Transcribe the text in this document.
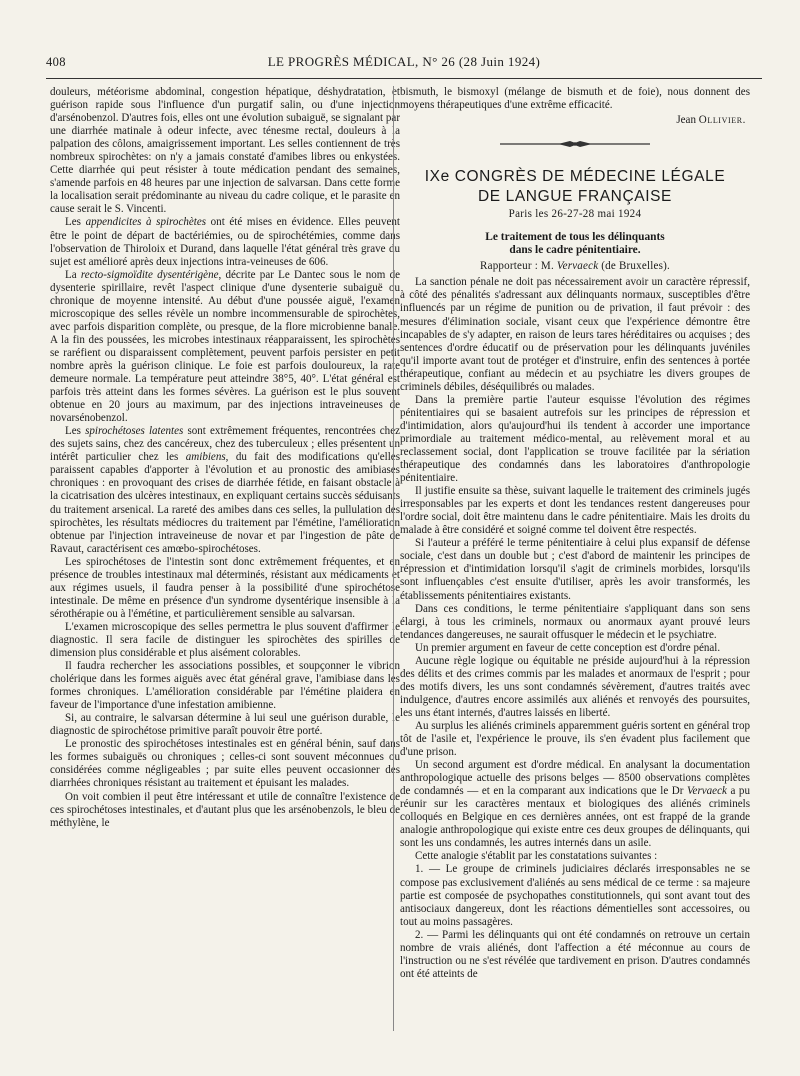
408	LE PROGRÈS MÉDICAL, N° 26 (28 Juin 1924)

douleurs, météorisme abdominal, congestion hépatique, déshydratation, et guérison rapide sous l'influence d'un purgatif salin, ou d'une injection d'arsénobenzol. D'autres fois, elles ont une évolution subaiguë, se signalant par une diarrhée matinale à odeur infecte, avec ténesme rectal, douleurs à la palpation des côlons, amaigrissement important. Les selles contiennent de très nombreux spirochètes: on n'y a jamais constaté d'amibes libres ou enkystées. Cette diarrhée qui peut résister à toute médication pendant des semaines, s'amende parfois en 48 heures par une injection de salvarsan. Dans cette forme la localisation serait prédominante au niveau du cadre colique, et le parasite en cause serait le S. Vincenti.

Les appendicites à spirochètes ont été mises en évidence. Elles peuvent être le point de départ de bactériémies, ou de spirochétémies, comme dans l'observation de Thiroloix et Durand, dans laquelle l'état général très grave du sujet est amélioré après deux injections intra-veineuses de 606.

La recto-sigmoïdite dysentérigène, décrite par Le Dantec sous le nom de dysenterie spirillaire, revêt l'aspect clinique d'une dysenterie subaiguë ou chronique de moyenne intensité. Au début d'une poussée aiguë, l'examen microscopique des selles révèle un nombre incommensurable de spirochètes, avec parfois disparition complète, ou presque, de la flore microbienne banale. A la fin des poussées, les microbes intestinaux réapparaissent, les spirochètes se raréfient ou disparaissent complètement, peuvent parfois persister en petit nombre après la guérison clinique. Le foie est parfois douloureux, la rate demeure normale. La température peut atteindre 38°5, 40°. L'état général est parfois très atteint dans les formes sévères. La guérison est le plus souvent obtenue en 20 jours au maximum, par des injections intraveineuses de novarsénobenzol.

Les spirochétoses latentes sont extrêmement fréquentes, rencontrées chez des sujets sains, chez des cancéreux, chez des tuberculeux ; elles présentent un intérêt particulier chez les amibiens, du fait des modifications qu'elles paraissent capables d'apporter à l'évolution et au pronostic des amibiases chroniques : en provoquant des crises de diarrhée fétide, en faisant obstacle à la cicatrisation des ulcères intestinaux, en expliquant certains succès séduisants du traitement arsenical. La rareté des amibes dans ces selles, la pullulation des spirochètes, les résultats médiocres du traitement par l'émétine, l'amélioration obtenue par l'injection intraveineuse de novar et par l'ingestion de pâte de Ravaut, caractérisent ces amœbo-spirochétoses.

Les spirochétoses de l'intestin sont donc extrêmement fréquentes, et en présence de troubles intestinaux mal déterminés, résistant aux médicaments et aux régimes usuels, il faudra penser à la possibilité d'une spirochétose intestinale. De même en présence d'un syndrome dysentérique insensible à la sérothérapie ou à l'émétine, et particulièrement sensible au salvarsan.

L'examen microscopique des selles permettra le plus souvent d'affirmer le diagnostic. Il sera facile de distinguer les spirochètes des spirilles de dimension plus considérable et plus aisément colorables.

Il faudra rechercher les associations possibles, et soupçonner le vibrion cholérique dans les formes aiguës avec état général grave, l'amibiase dans les formes chroniques. L'amélioration considérable par l'émétine plaidera en faveur de l'importance d'une infestation amibienne.

Si, au contraire, le salvarsan détermine à lui seul une guérison durable, le diagnostic de spirochétose primitive paraît pouvoir être porté.

Le pronostic des spirochétoses intestinales est en général bénin, sauf dans les formes subaiguës ou chroniques ; celles-ci sont souvent méconnues ou considérées comme négligeables ; par suite elles peuvent occasionner des diarrhées chroniques résistant au traitement et épuisant les malades.

On voit combien il peut être intéressant et utile de connaître l'existence de ces spirochétoses intestinales, et d'autant plus que les arsénobenzols, le bleu de méthylène, le

bismuth, le bismoxyl (mélange de bismuth et de foie), nous donnent des moyens thérapeutiques d'une extrême efficacité.

Jean Ollivier.
IXe CONGRÈS DE MÉDECINE LÉGALE
DE LANGUE FRANÇAISE
Paris les 26-27-28 mai 1924
Le traitement de tous les délinquants
dans le cadre pénitentiaire.
Rapporteur : M. Vervaeck (de Bruxelles).

La sanction pénale ne doit pas nécessairement avoir un caractère répressif, à côté des pénalités s'adressant aux délinquants normaux, susceptibles d'être influencés par un régime de punition ou de privation, il faut prévoir : des mesures d'élimination sociale, visant ceux que l'expérience démontre être incapables de s'y adapter, en raison de leurs tares héréditaires ou acquises ; des sentences d'ordre éducatif ou de préservation pour les délinquants juvéniles qu'il importe avant tout de protéger et d'instruire, enfin des sentences à portée thérapeutique, confiant au médecin et au psychiatre les divers groupes de criminels débiles, déséquilibrés ou malades.

Dans la première partie l'auteur esquisse l'évolution des régimes pénitentiaires qui se basaient autrefois sur les principes de répression et d'intimidation, alors qu'aujourd'hui ils tendent à accorder une importance primordiale au traitement médico-mental, au relèvement moral et au reclassement social, dont l'application se trouve facilitée par la sériation thérapeutique des condamnés dans les laboratoires d'anthropologie pénitentiaire.

Il justifie ensuite sa thèse, suivant laquelle le traitement des criminels jugés irresponsables par les experts et dont les tendances restent dangereuses pour l'ordre social, doit être maintenu dans le cadre pénitentiaire. Mais les droits du malade à être considéré et soigné comme tel doivent être respectés.

Si l'auteur a préféré le terme pénitentiaire à celui plus expansif de défense sociale, c'est dans un double but ; c'est d'abord de maintenir les principes de répression et d'intimidation lorsqu'il s'agit de criminels morbides, lorsqu'ils sont influençables c'est ensuite d'utiliser, après les avoir transformés, les établissements pénitentiaires existants.

Dans ces conditions, le terme pénitentiaire s'appliquant dans son sens élargi, à tous les criminels, normaux ou anormaux ayant prouvé leurs tendances dangereuses, ne saurait offusquer le médecin et le psychiatre.

Un premier argument en faveur de cette conception est d'ordre pénal.

Aucune règle logique ou équitable ne préside aujourd'hui à la répression des délits et des crimes commis par les malades et anormaux de l'esprit ; pour des motifs divers, les uns sont condamnés sévèrement, d'autres traités avec indulgence, d'autres encore assimilés aux aliénés et renvoyés des poursuites, les uns étant internés, d'autres laissés en liberté.

Au surplus les aliénés criminels apparemment guéris sortent en général trop tôt de l'asile et, l'expérience le prouve, ils s'en évadent plus facilement que d'une prison.

Un second argument est d'ordre médical. En analysant la documentation anthropologique actuelle des prisons belges — 8500 observations complètes de condamnés — et en la comparant aux indications que le Dr Vervaeck a pu réunir sur les caractères mentaux et biologiques des aliénés criminels colloqués en Belgique en ces dernières années, ont est frappé de la grande analogie anthropologique qui existe entre ces deux groupes de délinquants, qui sont les uns condamnés, les autres internés dans un asile.

Cette analogie s'établit par les constatations suivantes :

1. — Le groupe de criminels judiciaires déclarés irresponsables ne se compose pas exclusivement d'aliénés au sens médical de ce terme : sa majeure partie est composée de psychopathes constitutionnels, qui sont avant tout des antisociaux dangereux, dont les réactions démentielles sont accessoires, ou tout au moins passagères.

2. — Parmi les délinquants qui ont été condamnés on retrouve un certain nombre de vrais aliénés, dont l'affection a été méconnue au cours de l'instruction ou ne s'est révélée que tardivement en prison. D'autres condamnés ont été atteints de
